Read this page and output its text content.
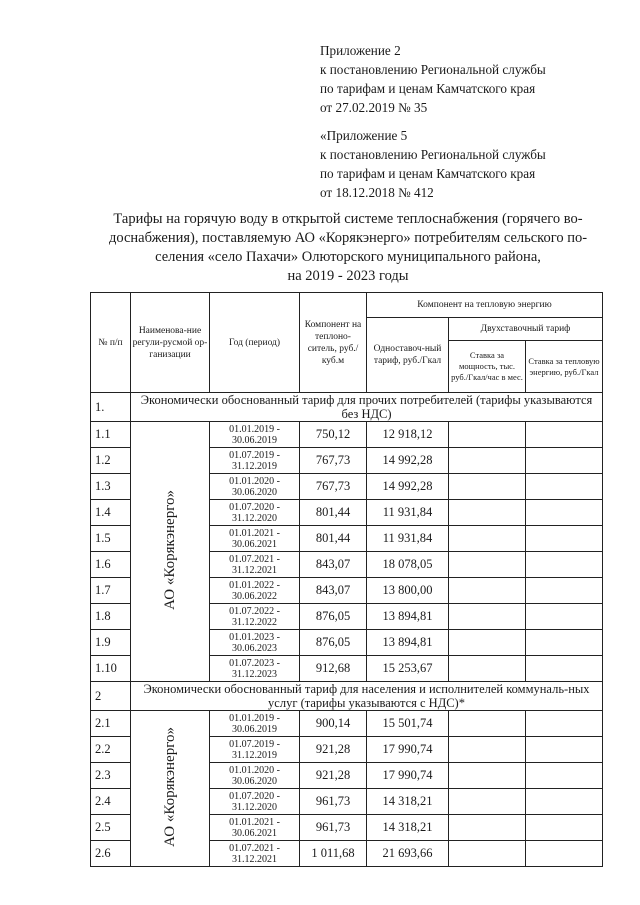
Приложение 2
к постановлению Региональной службы
по тарифам и ценам Камчатского края
от 27.02.2019 № 35
«Приложение 5
к постановлению Региональной службы
по тарифам и ценам Камчатского края
от 18.12.2018 № 412
Тарифы на горячую воду в открытой системе теплоснабжения (горячего во-
доснабжения), поставляемую АО «Корякэнерго» потребителям сельского по-
селения «село Пахачи» Олюторского муниципального района,
на 2019 - 2023 годы
№ п/п	Наименова-ние регули-русмой ор-ганизации	Год (период)	Компонент на теплоно-ситель, руб./куб.м	Компонент на тепловую энергию		
				Одноставоч-ный тариф, руб./Гкал	Двухставочный тариф	
					Ставка за мощность, тыс. руб./Гкал/час в мес.	Ставка за тепловую энергию, руб./Гкал
1.	Экономически обоснованный тариф для прочих потребителей (тарифы указываются без НДС)					
1.1	АО «Корякэнерго»	01.01.2019 - 30.06.2019	750,12	12 918,12		
1.2		01.07.2019 - 31.12.2019	767,73	14 992,28		
1.3		01.01.2020 - 30.06.2020	767,73	14 992,28		
1.4		01.07.2020 - 31.12.2020	801,44	11 931,84		
1.5		01.01.2021 - 30.06.2021	801,44	11 931,84		
1.6		01.07.2021 - 31.12.2021	843,07	18 078,05		
1.7		01.01.2022 - 30.06.2022	843,07	13 800,00		
1.8		01.07.2022 - 31.12.2022	876,05	13 894,81		
1.9		01.01.2023 - 30.06.2023	876,05	13 894,81		
1.10		01.07.2023 - 31.12.2023	912,68	15 253,67		
2	Экономически обоснованный тариф для населения и исполнителей коммуналь-ных услуг (тарифы указываются с НДС)*					
2.1	АО «Корякэнерго»	01.01.2019 - 30.06.2019	900,14	15 501,74		
2.2		01.07.2019 - 31.12.2019	921,28	17 990,74		
2.3		01.01.2020 - 30.06.2020	921,28	17 990,74		
2.4		01.07.2020 - 31.12.2020	961,73	14 318,21		
2.5		01.01.2021 - 30.06.2021	961,73	14 318,21		
2.6		01.07.2021 - 31.12.2021	1 011,68	21 693,66		
